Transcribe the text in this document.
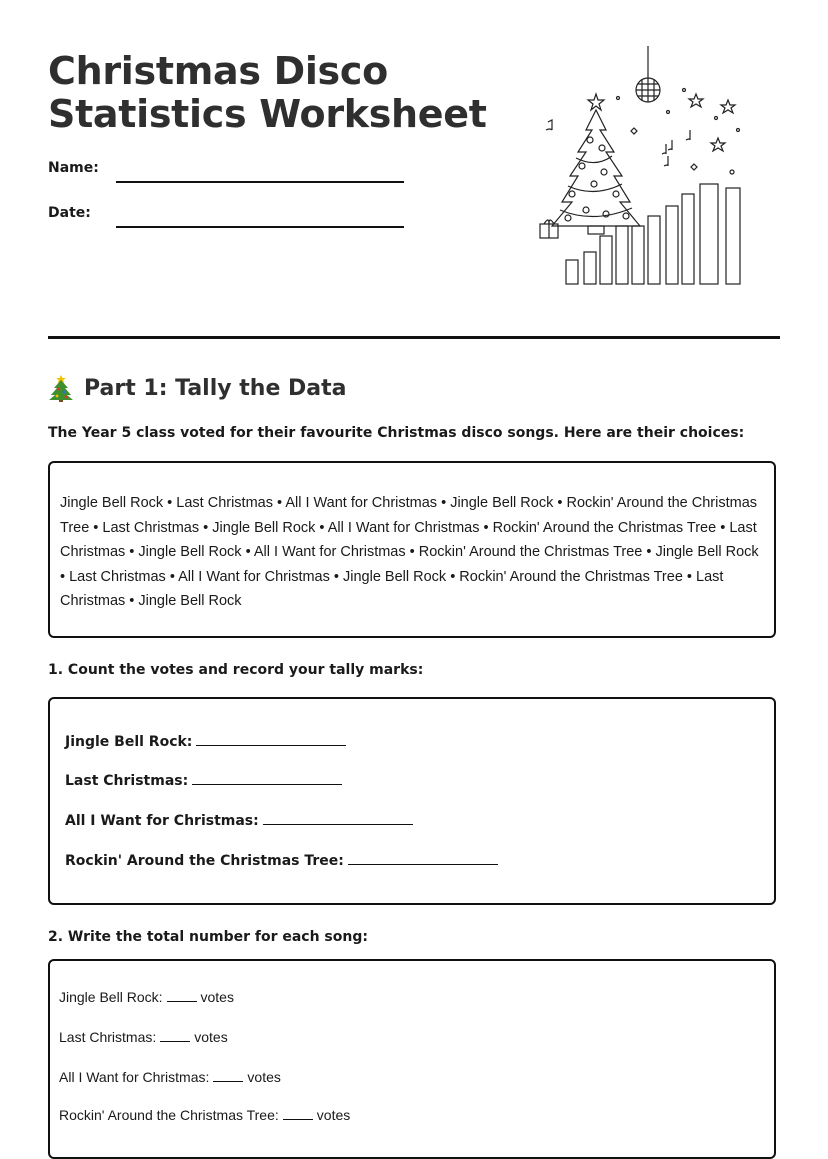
Christmas Disco
Statistics Worksheet
Name:
Date:
Part 1: Tally the Data
The Year 5 class voted for their favourite Christmas disco songs. Here are their choices:
Jingle Bell Rock • Last Christmas • All I Want for Christmas • Jingle Bell Rock • Rockin' Around the Christmas Tree • Last Christmas • Jingle Bell Rock • All I Want for Christmas • Rockin' Around the Christmas Tree • Last Christmas • Jingle Bell Rock • All I Want for Christmas • Rockin' Around the Christmas Tree • Jingle Bell Rock • Last Christmas • All I Want for Christmas • Jingle Bell Rock • Rockin' Around the Christmas Tree • Last Christmas • Jingle Bell Rock
1. Count the votes and record your tally marks:
Jingle Bell Rock:
Last Christmas:
All I Want for Christmas:
Rockin' Around the Christmas Tree:
2. Write the total number for each song:
Jingle Bell Rock:	votes
Last Christmas:	votes
All I Want for Christmas:	votes
Rockin' Around the Christmas Tree:	votes
